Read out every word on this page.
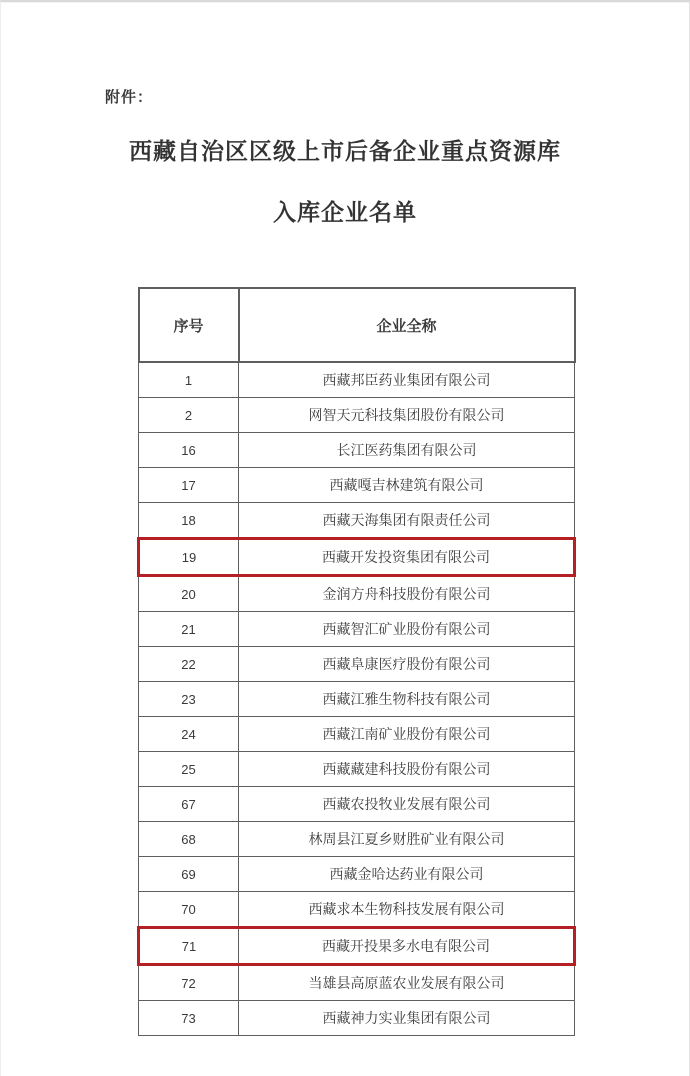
附件：
西藏自治区区级上市后备企业重点资源库
入库企业名单
序号	企业全称
1	西藏邦臣药业集团有限公司
2	网智天元科技集团股份有限公司
16	长江医药集团有限公司
17	西藏嘎吉林建筑有限公司
18	西藏天海集团有限责任公司
19	西藏开发投资集团有限公司
20	金润方舟科技股份有限公司
21	西藏智汇矿业股份有限公司
22	西藏阜康医疗股份有限公司
23	西藏江雅生物科技有限公司
24	西藏江南矿业股份有限公司
25	西藏藏建科技股份有限公司
67	西藏农投牧业发展有限公司
68	林周县江夏乡财胜矿业有限公司
69	西藏金哈达药业有限公司
70	西藏求本生物科技发展有限公司
71	西藏开投果多水电有限公司
72	当雄县高原蓝农业发展有限公司
73	西藏神力实业集团有限公司
